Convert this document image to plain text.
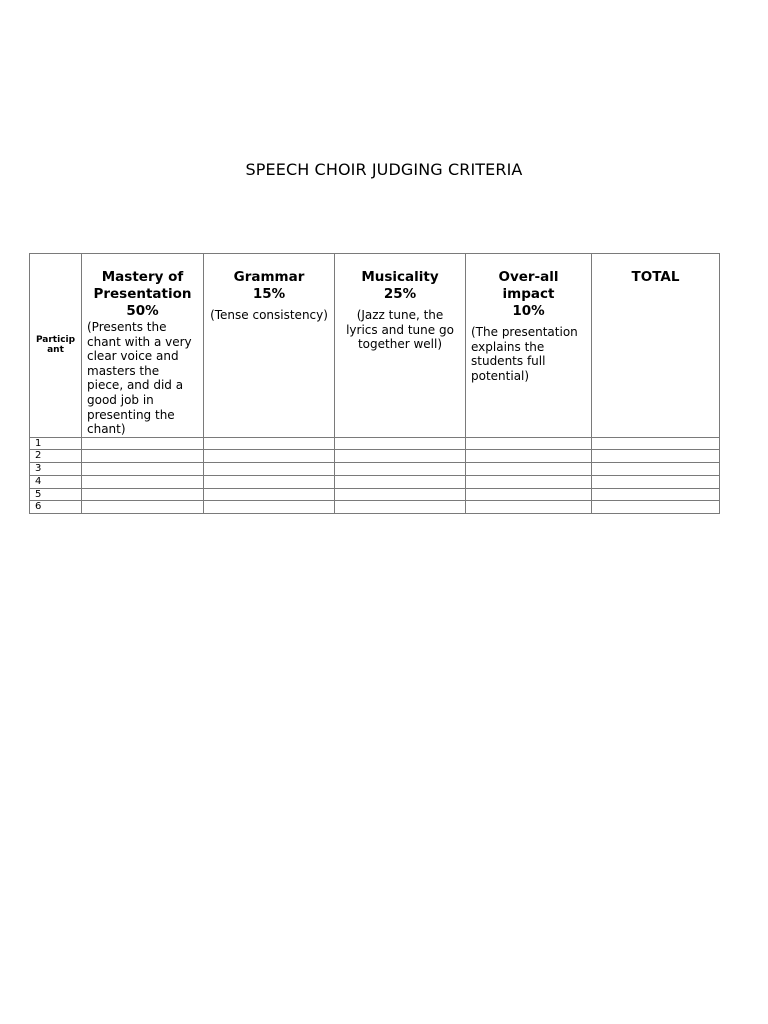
SPEECH CHOIR JUDGING CRITERIA
Particip ant	Mastery of
Presentation
50%
(Presents the chant with a very clear voice and masters the piece, and did a good job in presenting the chant)	Grammar
15%
(Tense consistency)	Musicality
25%
(Jazz tune, the lyrics and tune go together well)	Over-all
impact
10%
(The presentation explains the students full potential)	TOTAL

1					
2					
3					
4					
5					
6					
